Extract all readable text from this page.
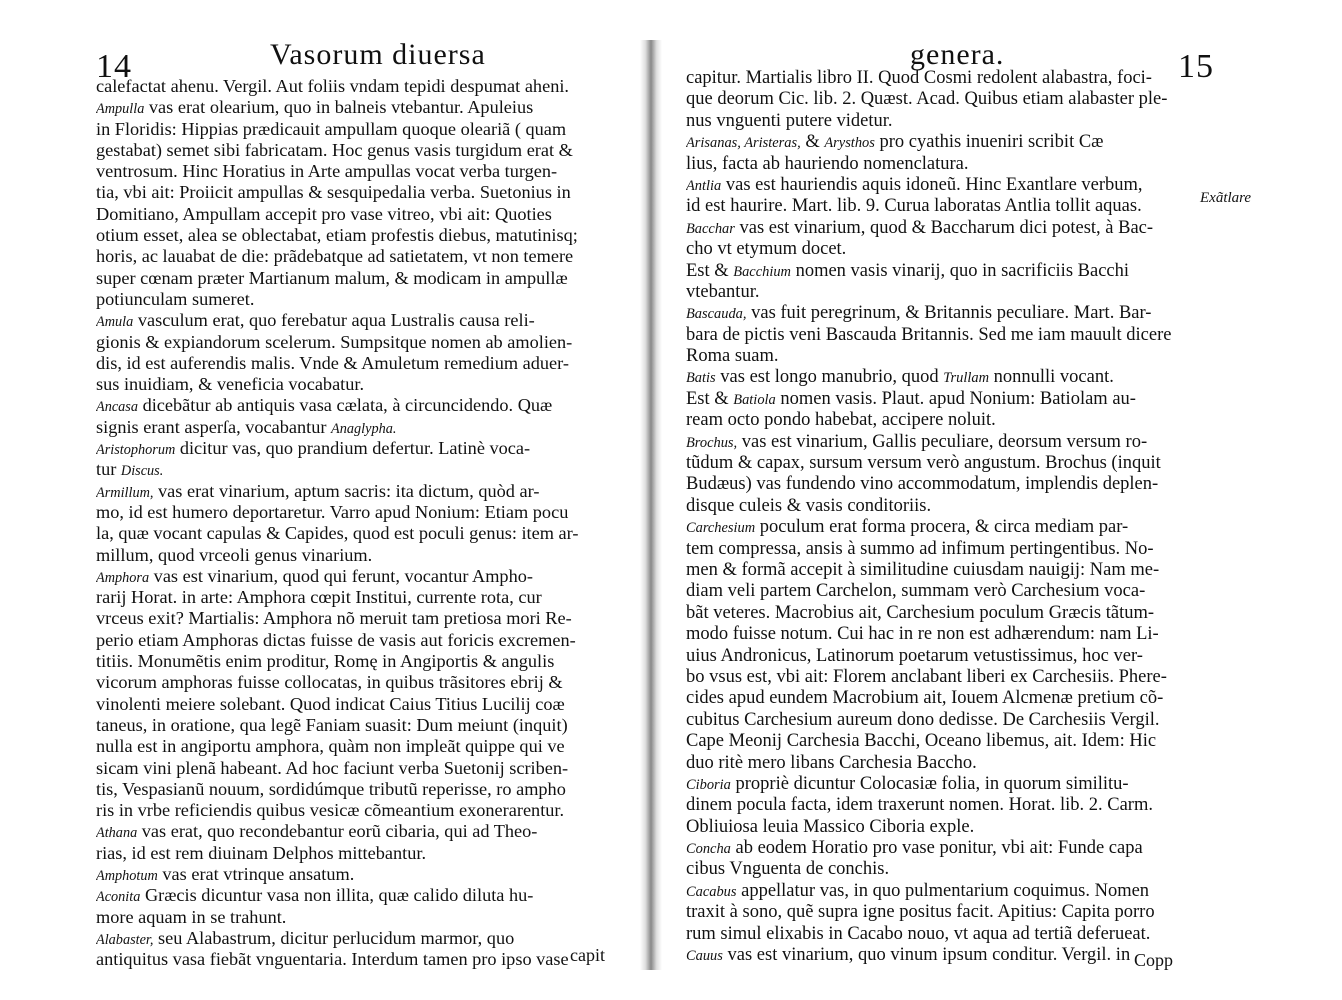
14	Vasorum diuersa
calefactat ahenu. Vergil. Aut foliis vndam tepidi despumat aheni.
Ampulla vas erat olearium, quo in balneis vtebantur. Apuleius
in Floridis: Hippias prædicauit ampullam quoque oleariã ( quam
gestabat) semet sibi fabricatam. Hoc genus vasis turgidum erat &
ventrosum. Hinc Horatius in Arte ampullas vocat verba turgen-
tia, vbi ait: Proiicit ampullas & sesquipedalia verba. Suetonius in
Domitiano, Ampullam accepit pro vase vitreo, vbi ait: Quoties
otium esset, alea se oblectabat, etiam profestis diebus, matutinisq;
horis, ac lauabat de die: prãdebatque ad satietatem, vt non temere
super cœnam præter Martianum malum, & modicam in ampullæ
potiunculam sumeret.
Amula vasculum erat, quo ferebatur aqua Lustralis causa reli-
gionis & expiandorum scelerum. Sumpsitque nomen ab amolien-
dis, id est auferendis malis. Vnde & Amuletum remedium aduer-
sus inuidiam, & veneficia vocabatur.
Ancasa dicebãtur ab antiquis vasa cælata, à circuncidendo. Quæ
signis erant asperſa, vocabantur Anaglypha.
Aristophorum dicitur vas, quo prandium defertur. Latinè voca-
tur Discus.
Armillum, vas erat vinarium, aptum sacris: ita dictum, quòd ar-
mo, id est humero deportaretur. Varro apud Nonium: Etiam pocu
la, quæ vocant capulas & Capides, quod est poculi genus: item ar-
millum, quod vrceoli genus vinarium.
Amphora vas est vinarium, quod qui ferunt, vocantur Ampho-
rarij Horat. in arte: Amphora cœpit Institui, currente rota, cur
vrceus exit? Martialis: Amphora nõ meruit tam pretiosa mori Re-
perio etiam Amphoras dictas fuisse de vasis aut foricis excremen-
titiis. Monumẽtis enim proditur, Romę in Angiportis & angulis
vicorum amphoras fuisse collocatas, in quibus trãsitores ebrij &
vinolenti meiere solebant. Quod indicat Caius Titius Lucilij coæ
taneus, in oratione, qua legẽ Faniam suasit: Dum meiunt (inquit)
nulla est in angiportu amphora, quàm non impleãt quippe qui ve
sicam vini plenã habeant. Ad hoc faciunt verba Suetonij scriben-
tis, Vespasianũ nouum, sordidúmque tributũ reperisse, ro ampho
ris in vrbe reficiendis quibus vesicæ cõmeantium exonerarentur.
Athana vas erat, quo recondebantur eorũ cibaria, qui ad Theo-
rias, id est rem diuinam Delphos mittebantur.
Amphotum vas erat vtrinque ansatum.
Aconita Græcis dicuntur vasa non illita, quæ calido diluta hu-
more aquam in se trahunt.
Alabaster, seu Alabastrum, dicitur perlucidum marmor, quo
antiquitus vasa fiebãt vnguentaria. Interdum tamen pro ipso vase capit
15
genera.
capitur. Martialis libro II. Quod Cosmi redolent alabastra, foci-
que deorum Cic. lib. 2. Quæst. Acad. Quibus etiam alabaster ple-
nus vnguenti putere videtur.
Arisanas, Aristeras, & Arysthos pro cyathis inueniri scribit Cæ
lius, facta ab hauriendo nomenclatura.
Antlia vas est hauriendis aquis idoneũ. Hinc Exantlare verbum,
id est haurire. Mart. lib. 9. Curua laboratas Antlia tollit aquas.
Bacchar vas est vinarium, quod & Baccharum dici potest, à Bac-
cho vt etymum docet.
Est & Bacchium nomen vasis vinarij, quo in sacrificiis Bacchi
vtebantur.
Bascauda, vas fuit peregrinum, & Britannis peculiare. Mart. Bar-
bara de pictis veni Bascauda Britannis. Sed me iam mauult dicere
Roma suam.
Batis vas est longo manubrio, quod Trullam nonnulli vocant.
Est & Batiola nomen vasis. Plaut. apud Nonium: Batiolam au-
ream octo pondo habebat, accipere noluit.
Brochus, vas est vinarium, Gallis peculiare, deorsum versum ro-
tũdum & capax, sursum versum verò angustum. Brochus (inquit
Budæus) vas fundendo vino accommodatum, implendis deplen-
disque culeis & vasis conditoriis.
Carchesium poculum erat forma procera, & circa mediam par-
tem compressa, ansis à summo ad infimum pertingentibus. No-
men & formã accepit à similitudine cuiusdam nauigij: Nam me-
diam veli partem Carchelon, summam verò Carchesium voca-
bãt veteres. Macrobius ait, Carchesium poculum Græcis tãtum-
modo fuisse notum. Cui hac in re non est adhærendum: nam Li-
uius Andronicus, Latinorum poetarum vetustissimus, hoc ver-
bo vsus est, vbi ait: Florem anclabant liberi ex Carchesiis. Phere-
cides apud eundem Macrobium ait, Iouem Alcmenæ pretium cõ-
cubitus Carchesium aureum dono dedisse. De Carchesiis Vergil.
Cape Meonij Carchesia Bacchi, Oceano libemus, ait. Idem: Hic
duo ritè mero libans Carchesia Baccho.
Ciboria propriè dicuntur Colocasiæ folia, in quorum similitu-
dinem pocula facta, idem traxerunt nomen. Horat. lib. 2. Carm.
Obliuiosa leuia Massico Ciboria exple.
Concha ab eodem Horatio pro vase ponitur, vbi ait: Funde capa
cibus Vnguenta de conchis.
Cacabus appellatur vas, in quo pulmentarium coquimus. Nomen
traxit à sono, quẽ supra igne positus facit. Apitius: Capita porro
rum simul elixabis in Cacabo nouo, vt aqua ad tertiã deferueat.
Cauus vas est vinarium, quo vinum ipsum conditur. Vergil. in
Exãtlare
Copp
